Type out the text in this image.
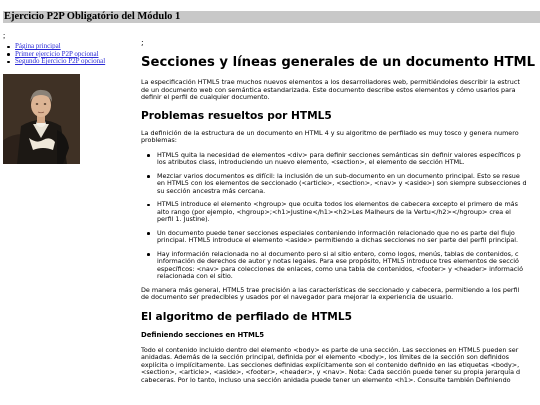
Ejercicio P2P Obligatório del Módulo 1
;
Página principal
Primer ejercicio P2P opcional
Segundo Ejercicio P2P opcional
;
Secciones y líneas generales de un documento HTML

La especificación HTML5 trae muchos nuevos elementos a los desarrolladores web, permitiéndoles describir la estruct

de un documento web con semántica estandarizada. Este documento describe estos elementos y cómo usarlos para

definir el perfil de cualquier documento.

Problemas resueltos por HTML5

La definición de la estructura de un documento en HTML 4 y su algoritmo de perfilado es muy tosco y genera numero

problemas:

HTML5 quita la necesidad de elementos <div> para definir secciones semánticas sin definir valores específicos p
los atributos class, introduciendo un nuevo elemento, <section>, el elemento de sección HTML.
Mezclar varios documentos es difícil: la inclusión de un sub-documento en un documento principal. Esto se resue
en HTML5 con los elementos de seccionado (<article>, <section>, <nav> y <aside>) son siempre subsecciones d
su sección ancestra más cercana.
HTML5 introduce el elemento <hgroup> que oculta todos los elementos de cabecera excepto el primero de más
alto rango (por ejemplo, <hgroup>;<h1>Justine</h1><h2>Les Malheurs de la Vertu</h2></hgroup> crea el
perfil 1. Justine).
Un documento puede tener secciones especiales conteniendo información relacionado que no es parte del flujo
principal. HTML5 introduce el elemento <aside> permitiendo a dichas secciones no ser parte del perfil principal.
Hay información relacionada no al documento pero si al sitio entero, como logos, menús, tablas de contenidos, c
información de derechos de autor y notas legales. Para ese propósito, HTML5 introduce tres elementos de secció
específicos: <nav> para colecciones de enlaces, como una tabla de contenidos, <footer> y <header> informació
relacionada con el sitio.

De manera más general, HTML5 trae precisión a las características de seccionado y cabecera, permitiendo a los perfil

de documento ser predecibles y usados por el navegador para mejorar la experiencia de usuario.

El algoritmo de perfilado de HTML5
Definiendo secciones en HTML5

Todo el contenido incluido dentro del elemento <body> es parte de una sección. Las secciones en HTML5 pueden ser

anidadas. Además de la sección principal, definida por el elemento <body>, los límites de la sección son definidos

explícita o implícitamente. Las secciones definidas explícitamente son el contenido definido en las etiquetas <body>,

<section>, <article>, <aside>, <footer>, <header>, y <nav>. Nota: Cada sección puede tener su propia jerarquía d

cabeceras. Por lo tanto, incluso una sección anidada puede tener un elemento <h1>. Consulte también Definiendo
